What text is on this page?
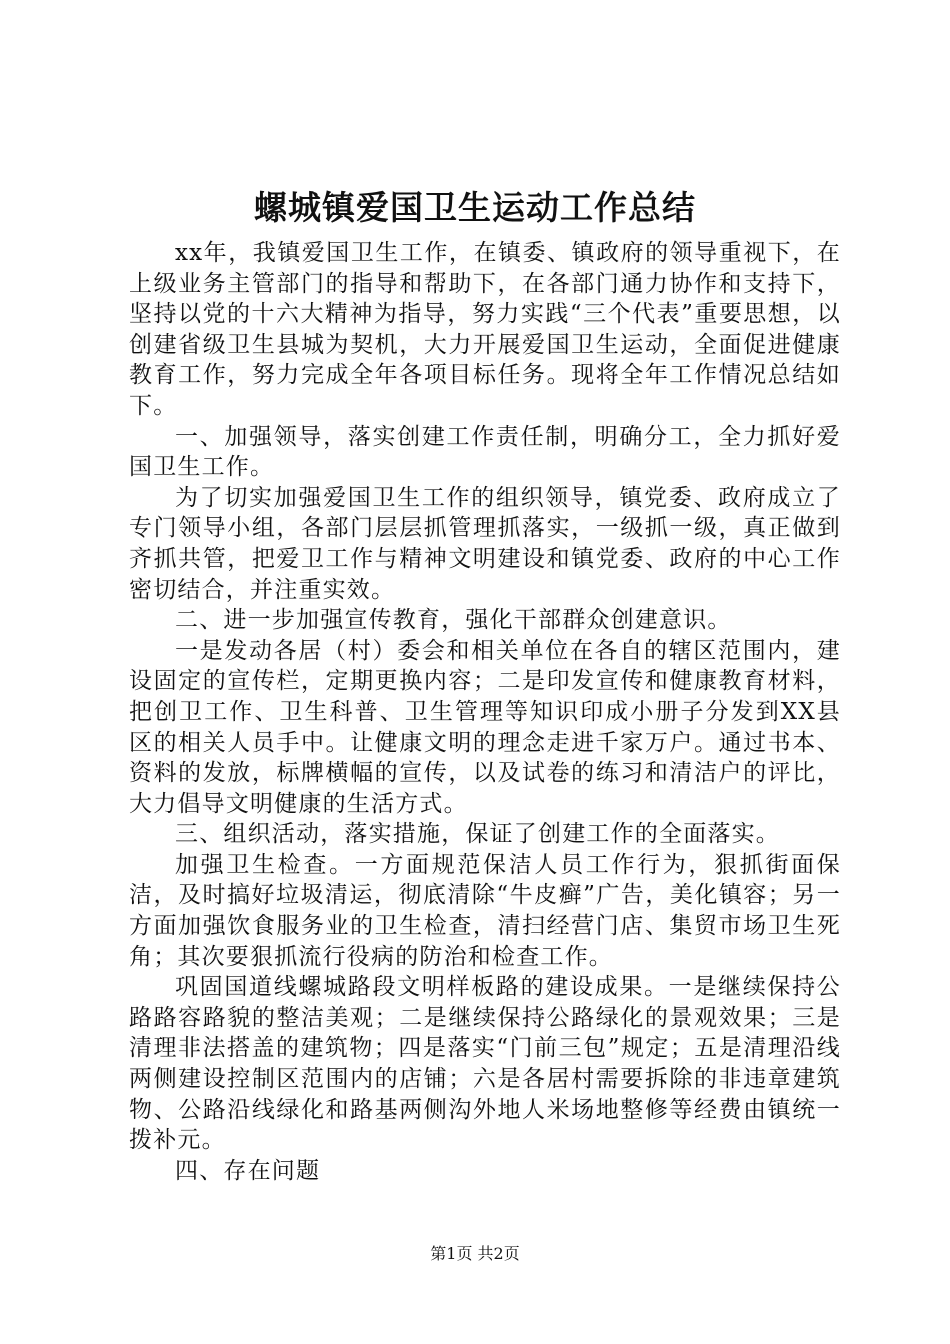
螺城镇爱国卫生运动工作总结

xx年，我镇爱国卫生工作，在镇委、镇政府的领导重视下，在上级业务主管部门的指导和帮助下，在各部门通力协作和支持下，坚持以党的十六大精神为指导，努力实践“三个代表”重要思想，以创建省级卫生县城为契机，大力开展爱国卫生运动，全面促进健康教育工作，努力完成全年各项目标任务。现将全年工作情况总结如下。

一、加强领导，落实创建工作责任制，明确分工，全力抓好爱国卫生工作。

为了切实加强爱国卫生工作的组织领导，镇党委、政府成立了专门领导小组，各部门层层抓管理抓落实，一级抓一级，真正做到齐抓共管，把爱卫工作与精神文明建设和镇党委、政府的中心工作密切结合，并注重实效。

二、进一步加强宣传教育，强化干部群众创建意识。

一是发动各居（村）委会和相关单位在各自的辖区范围内，建设固定的宣传栏，定期更换内容；二是印发宣传和健康教育材料，把创卫工作、卫生科普、卫生管理等知识印成小册子分发到XX县区的相关人员手中。让健康文明的理念走进千家万户。通过书本、资料的发放，标牌横幅的宣传，以及试卷的练习和清洁户的评比，大力倡导文明健康的生活方式。

三、组织活动，落实措施，保证了创建工作的全面落实。

加强卫生检查。一方面规范保洁人员工作行为，狠抓街面保洁，及时搞好垃圾清运，彻底清除“牛皮癣”广告，美化镇容；另一方面加强饮食服务业的卫生检查，清扫经营门店、集贸市场卫生死角；其次要狠抓流行役病的防治和检查工作。

巩固国道线螺城路段文明样板路的建设成果。一是继续保持公路路容路貌的整洁美观；二是继续保持公路绿化的景观效果；三是清理非法搭盖的建筑物；四是落实“门前三包”规定；五是清理沿线两侧建设控制区范围内的店铺；六是各居村需要拆除的非违章建筑物、公路沿线绿化和路基两侧沟外地人米场地整修等经费由镇统一拨补元。

四、存在问题

第1页 共2页
